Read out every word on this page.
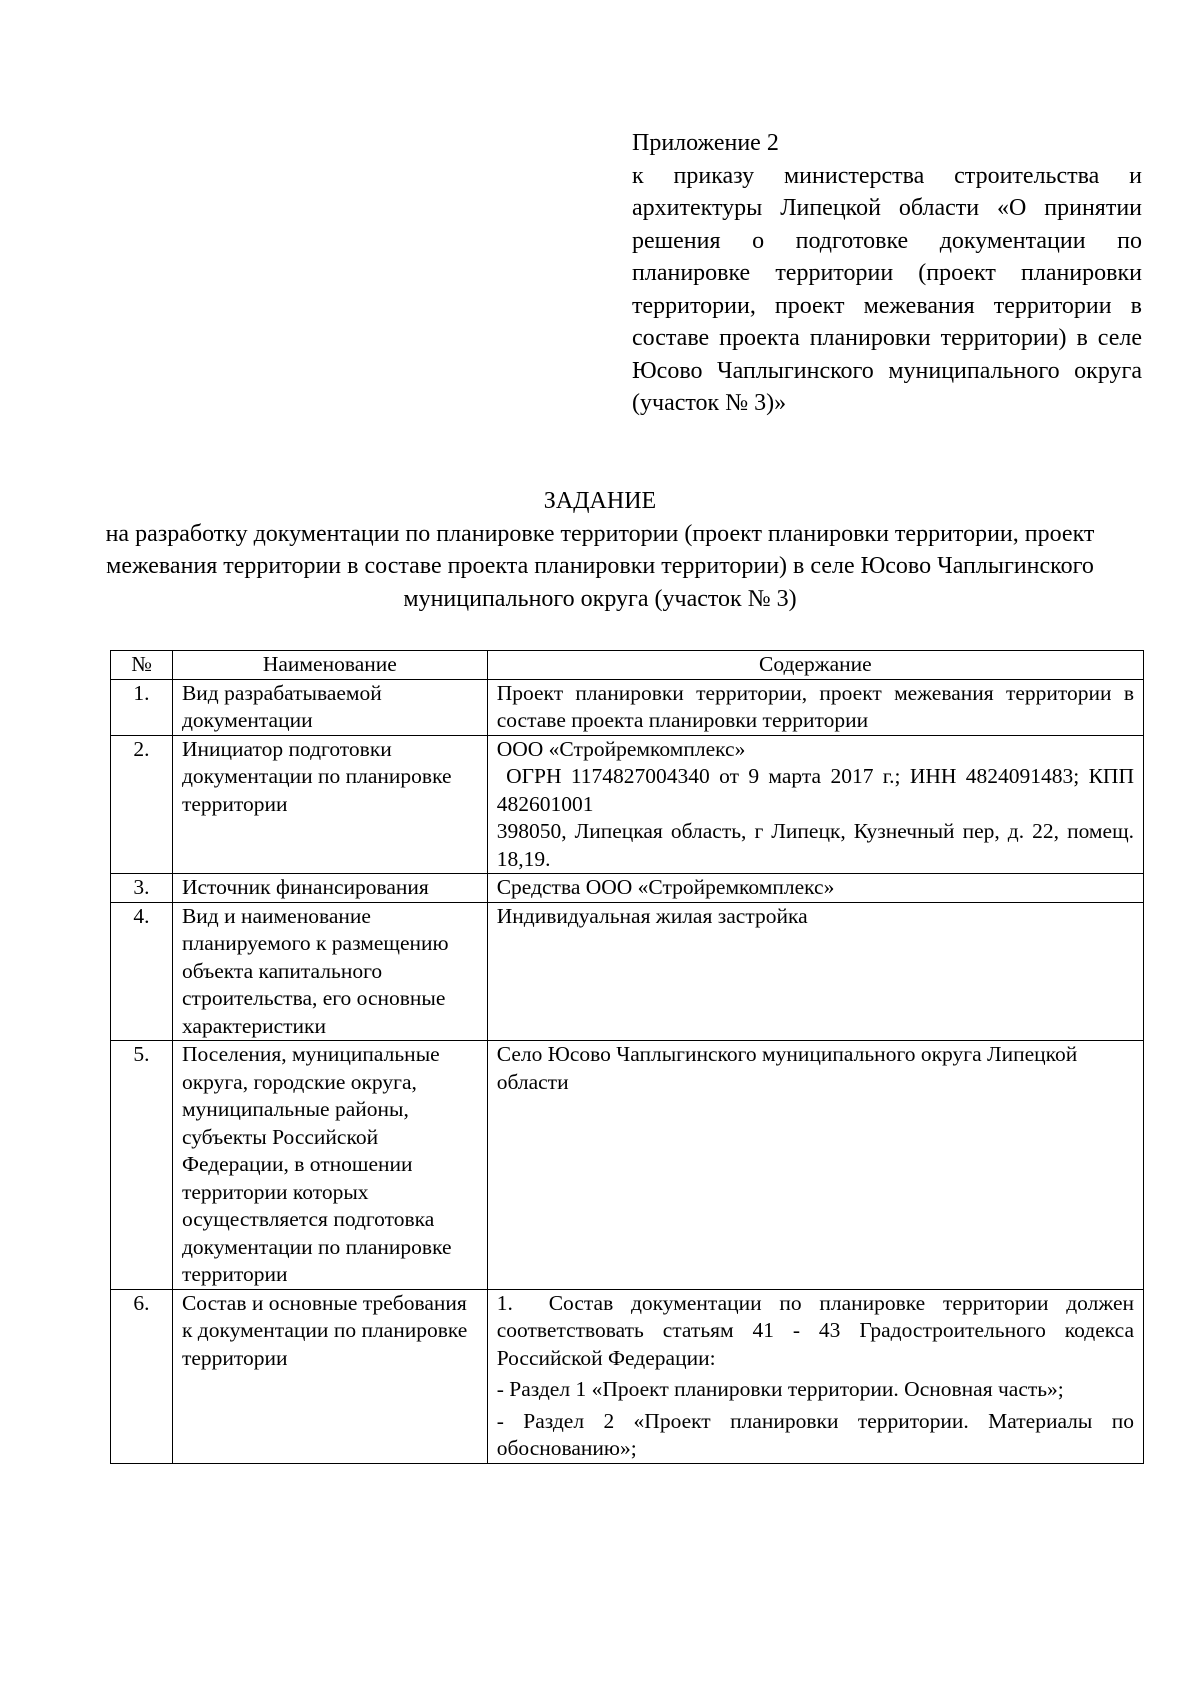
Приложение 2
к приказу министерства строительства и архитектуры Липецкой области «О принятии решения о подготовке документации по планировке территории (проект планировки территории, проект межевания территории в составе проекта планировки территории) в селе Юсово Чаплыгинского муниципального округа (участок № 3)»
ЗАДАНИЕ
на разработку документации по планировке территории (проект планировки территории, проект межевания территории в составе проекта планировки территории) в селе Юсово Чаплыгинского муниципального округа (участок № 3)
№	Наименование	Содержание
1.	Вид разрабатываемой документации	Проект планировки территории, проект межевания территории в составе проекта планировки территории

2.	Инициатор подготовки документации по планировке территории	ООО «Стройремкомплекс»

ОГРН 1174827004340 от 9 марта 2017 г.; ИНН 4824091483; КПП 482601001

398050, Липецкая область, г Липецк, Кузнечный пер, д. 22, помещ. 18,19.

3.	Источник финансирования	Средства ООО «Стройремкомплекс»

4.	Вид и наименование планируемого к размещению объекта капитального строительства, его основные характеристики	Индивидуальная жилая застройка

5.	Поселения, муниципальные округа, городские округа, муниципальные районы, субъекты Российской Федерации, в отношении территории которых осуществляется подготовка документации по планировке территории	Село Юсово Чаплыгинского муниципального округа Липецкой области

6.	Состав и основные требования к документации по планировке территории	1. Состав документации по планировке территории должен соответствовать статьям 41 - 43 Градостроительного кодекса Российской Федерации:

- Раздел 1 «Проект планировки территории. Основная часть»;

- Раздел 2 «Проект планировки территории. Материалы по обоснованию»;
